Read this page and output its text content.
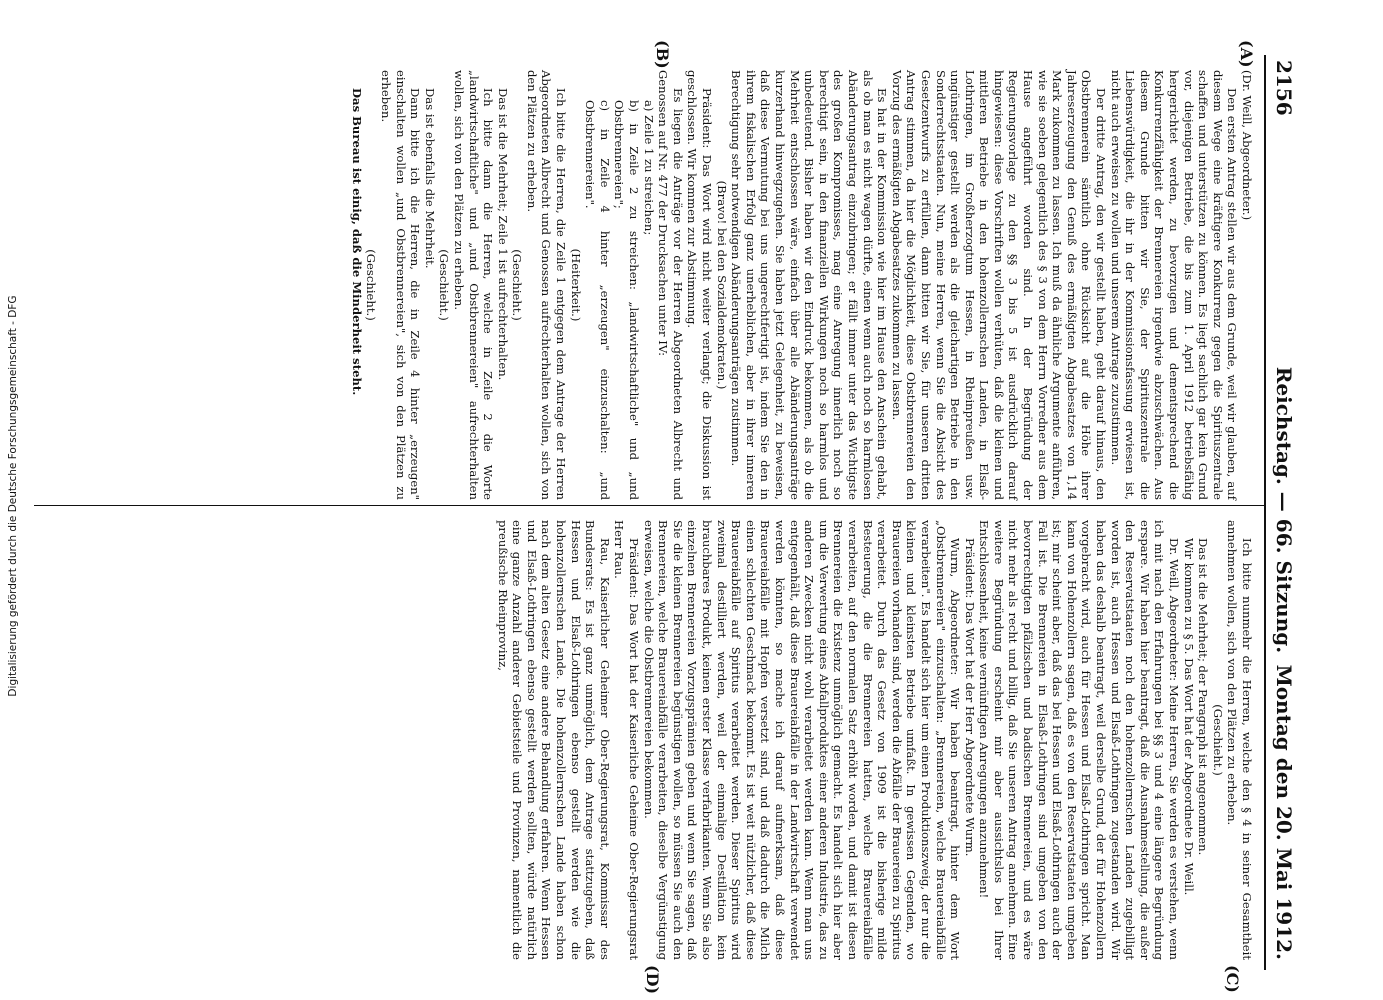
2156
Reichstag. — 66. Sitzung.
Montag den 20. Mai 1912.
(A)
(B)
(C)
(D)

(Dr. Weill, Abgeordneter.)

Den ersten Antrag stellen wir aus dem Grunde, weil wir glauben, auf diesem Wege eine kräftigere Konkurrenz gegen die Spirituszentrale schaffen und unterstützen zu können. Es liegt sachlich gar kein Grund vor, diejenigen Betriebe, die bis zum 1. April 1912 betriebsfähig hergerichtet werden, zu bevorzugen und dementsprechend die Konkurrenzfähigkeit der Brennereien irgendwie abzuschwächen. Aus diesem Grunde bitten wir Sie, der Spirituszentrale die Liebenswürdigkeit, die ihr in der Kommissionsfassung erwiesen ist, nicht auch erweisen zu wollen und unserem Antrage zuzustimmen.

Der dritte Antrag, den wir gestellt haben, geht darauf hinaus, den Obstbrennerein sämtlich ohne Rücksicht auf die Höhe ihrer Jahreserzeugung den Genuß des ermäßigten Abgabesatzes von 1,14 Mark zukommen zu lassen. Ich muß da ähnliche Argumente anführen, wie sie soeben gelegentlich des § 3 von dem Herrn Vorredner aus dem Hause angeführt worden sind. In der Begründung der Regierungsvorlage zu den §§ 3 bis 5 ist ausdrücklich darauf hingewiesen: diese Vorschriften wollen verhüten, daß die kleinen und mittleren Betriebe in den hohenzollernschen Landen, in Elsaß-Lothringen, im Großherzogtum Hessen, in Rheinpreußen usw. ungünstiger gestellt werden als die gleichartigen Betriebe in den Sonderrechtsstaaten. Nun, meine Herren, wenn Sie die Absicht des Gesetzentwurfs zu erfüllen, dann bitten wir Sie, für unseren dritten Antrag stimmen, da hier die Möglichkeit, diese Obstbrennereien den Vorzug des ermäßigten Abgabesatzes zukommen zu lassen.

Es hat in der Kommission wie hier im Hause den Anschein gehabt, als ob man es nicht wagen dürfte, einen wenn auch noch so harmlosen Abänderungsantrag einzubringen; er fällt immer unter das Wichtigste des großen Kompromisses, mag eine Anregung innerlich noch so berechtigt sein, in den finanziellen Wirkungen noch so harmlos und unbedeutend. Bisher haben wir den Eindruck bekommen, als ob die Mehrheit entschlossen wäre, einfach über alle Abänderungsanträge kurzerhand hinwegzugehen. Sie haben jetzt Gelegenheit, zu beweisen, daß diese Vermutung bei uns ungerechtfertigt ist, indem Sie den in ihrem fiskalischen Erfolg ganz unerheblichen, aber in ihrer inneren Berechtigung sehr notwendigen Abänderungsanträgen zustimmen.

(Bravo! bei den Sozialdemokraten.)

Präsident: Das Wort wird nicht weiter verlangt; die Diskussion ist geschlossen. Wir kommen zur Abstimmung.

Es liegen die Anträge vor der Herren Abgeordneten Albrecht und Genossen auf Nr. 477 der Drucksachen unter IV:

a) Zeile 1 zu streichen;

b) in Zeile 2 zu streichen: „landwirtschaftliche" und „und Obstbrennereien";

c) in Zeile 4 hinter „erzeugen" einzuschalten: „und Obstbrennereien".

(Heiterkeit.)

Ich bitte die Herren, die Zeile 1 entgegen dem Antrage der Herren Abgeordneten Albrecht und Genossen aufrechterhalten wollen, sich von den Plätzen zu erheben.

(Geschieht.)

Das ist die Mehrheit; Zeile 1 ist aufrechterhalten.

Ich bitte dann die Herren, welche in Zeile 2 die Worte „landwirtschaftliche" und „und Obstbrennereien" aufrechterhalten wollen, sich von den Plätzen zu erheben.

(Geschieht.)

Das ist ebenfalls die Mehrheit.

Dann bitte ich die Herren, die in Zeile 4 hinter „erzeugen" einschalten wollen „und Obstbrennereien", sich von den Plätzen zu erheben.

(Geschieht.)

Das Bureau ist einig, daß die Minderheit steht.

Ich bitte nunmehr die Herren, welche den § 4 in seiner Gesamtheit annehmen wollen, sich von den Plätzen zu erheben.

(Geschieht.)

Das ist die Mehrheit; der Paragraph ist angenommen.

Wir kommen zu § 5. Das Wort hat der Abgeordnete Dr. Weill.

Dr. Weill, Abgeordneter: Meine Herren, Sie werden es verstehen, wenn ich mit nach den Erfahrungen bei §§ 3 und 4 eine längere Begründung erspare. Wir haben hier beantragt, daß die Ausnahmestellung, die außer den Reservatstaaten noch den hohenzollernschen Landen zugebilligt worden ist, auch Hessen und Elsaß-Lothringen zugestanden wird. Wir haben das deshalb beantragt, weil derselbe Grund, der für Hohenzollern vorgebracht wird, auch für Hessen und Elsaß-Lothringen spricht. Man kann von Hohenzollern sagen, daß es von den Reservatstaaten umgeben ist; mir scheint aber, daß das bei Hessen und Elsaß-Lothringen auch der Fall ist. Die Brennereien in Elsaß-Lothringen sind umgeben von den bevorrechtigten pfälzischen und badischen Brennereien, und es wäre nicht mehr als recht und billig, daß Sie unseren Antrag annehmen. Eine weitere Begründung erscheint mir aber aussichtslos bei Ihrer Entschlossenheit, keine vernünftigen Anregungen anzunehmen!

Präsident: Das Wort hat der Herr Abgeordnete Wurm.

Wurm, Abgeordneter: Wir haben beantragt, hinter dem Wort „Obstbrennereien" einzuschalten: „Brennereien, welche Brauereiabfälle verarbeiten". Es handelt sich hier um einen Produktionszweig, der nur die kleinen und kleinsten Betriebe umfaßt. In gewissen Gegenden, wo Brauereien vorhanden sind, werden die Abfälle der Brauereien zu Spiritus verarbeitet. Durch das Gesetz von 1909 ist die bisherige milde Besteuerung, die die Brennereien hatten, welche Brauereiabfälle verarbeiten, auf den normalen Satz erhöht worden, und damit ist diesen Brennereien die Existenz unmöglich gemacht. Es handelt sich hier aber um die Verwertung eines Abfallproduktes einer anderen Industrie, das zu anderen Zwecken nicht wohl verarbeitet werden kann. Wenn man uns entgegenhält, daß diese Brauereiabfälle in der Landwirtschaft verwendet werden könnten, so mache ich darauf aufmerksam, daß diese Brauereiabfälle mit Hopfen versetzt sind, und daß dadurch die Milch einen schlechten Geschmack bekommt. Es ist weit nützlicher, daß diese Brauereiabfälle auf Spiritus verarbeitet werden. Dieser Spiritus wird zweimal destilliert werden, weil der einmalige Destillation kein brauchbares Produkt, keinen erster Klasse verfabrikanten. Wenn Sie also einzelnen Brennereien Vorzugsprämien geben und wenn Sie sagen, daß Sie die kleinen Brennereien begünstigen wollen, so müssen Sie auch den Brennereien, welche Brauereiabfälle verarbeiten, dieselbe Vergünstigung erweisen, welche die Obstbrennereien bekommen.

Präsident: Das Wort hat der Kaiserliche Geheime Ober-Regierungsrat Herr Rau.

Rau, Kaiserlicher Geheimer Ober-Regierungsrat, Kommissar des Bundesrats: Es ist ganz unmöglich, dem Antrage stattzugeben, daß Hessen und Elsaß-Lothringen ebenso gestellt werden wie die hohenzollernschen Lande. Die hohenzollernschen Lande haben schon nach dem alten Gesetz eine andere Behandlung erfahren. Wenn Hessen und Elsaß-Lothringen ebenso gestellt werden sollten, würde natürlich eine ganze Anzahl anderer Gebietsteile und Provinzen, namentlich die preußische Rheinprovinz,

Digitalisierung gefördert durch die Deutsche Forschungsgemeinschaft - DFG
